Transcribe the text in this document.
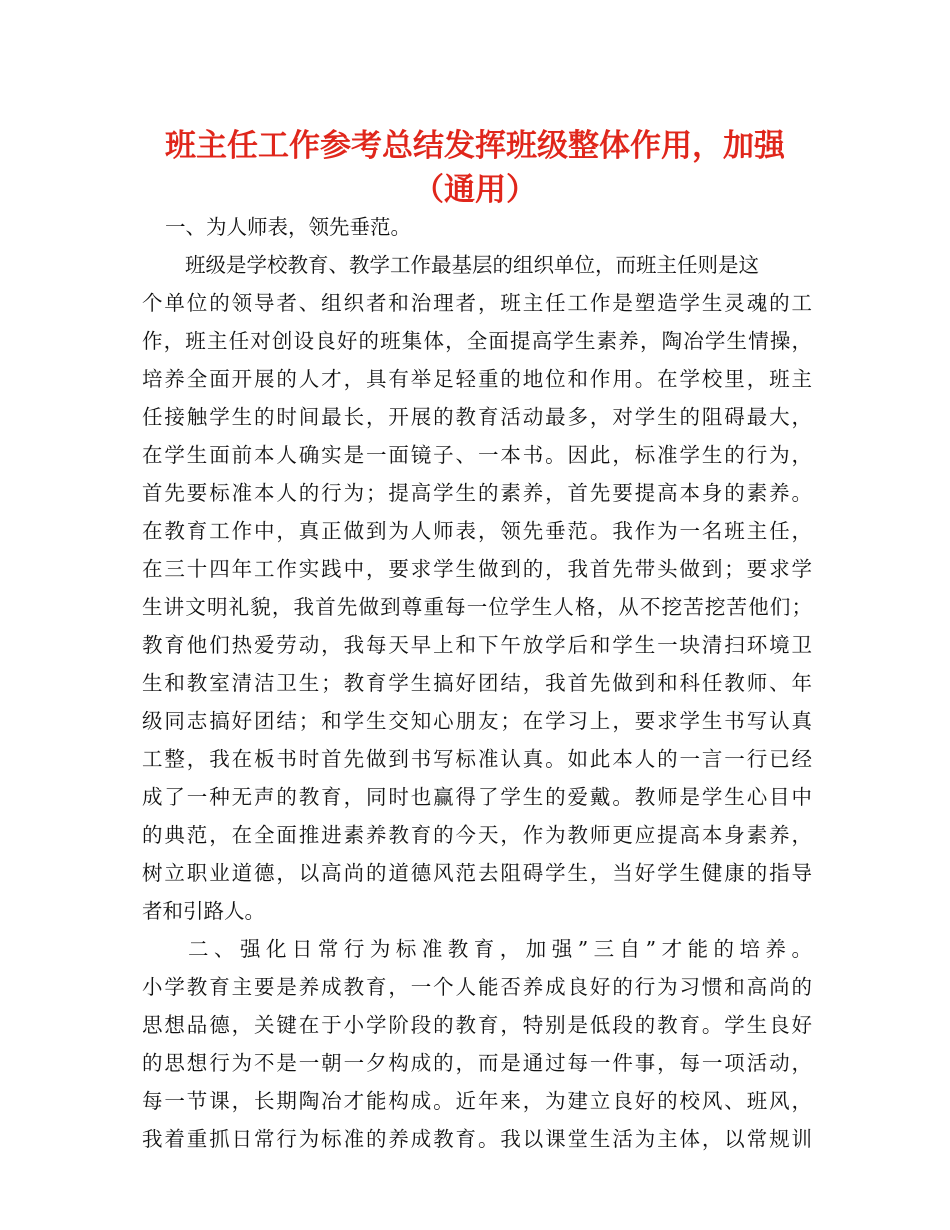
班主任工作参考总结发挥班级整体作用，加强
（通用）

一、为人师表，领先垂范。

班级是学校教育、教学工作最基层的组织单位，而班主任则是这

个单位的领导者、组织者和治理者，班主任工作是塑造学生灵魂的工

作，班主任对创设良好的班集体，全面提高学生素养，陶冶学生情操，

培养全面开展的人才，具有举足轻重的地位和作用。在学校里，班主

任接触学生的时间最长，开展的教育活动最多，对学生的阻碍最大，

在学生面前本人确实是一面镜子、一本书。因此，标准学生的行为，

首先要标准本人的行为；提高学生的素养，首先要提高本身的素养。

在教育工作中，真正做到为人师表，领先垂范。我作为一名班主任，

在三十四年工作实践中，要求学生做到的，我首先带头做到；要求学

生讲文明礼貌，我首先做到尊重每一位学生人格，从不挖苦挖苦他们；

教育他们热爱劳动，我每天早上和下午放学后和学生一块清扫环境卫

生和教室清洁卫生；教育学生搞好团结，我首先做到和科任教师、年

级同志搞好团结；和学生交知心朋友；在学习上，要求学生书写认真

工整，我在板书时首先做到书写标准认真。如此本人的一言一行已经

成了一种无声的教育，同时也赢得了学生的爱戴。教师是学生心目中

的典范，在全面推进素养教育的今天，作为教师更应提高本身素养，

树立职业道德，以高尚的道德风范去阻碍学生，当好学生健康的指导

者和引路人。

二、强化日常行为标准教育，加强”三自”才能的培养。

小学教育主要是养成教育，一个人能否养成良好的行为习惯和高尚的

思想品德，关键在于小学阶段的教育，特别是低段的教育。学生良好

的思想行为不是一朝一夕构成的，而是通过每一件事，每一项活动，

每一节课，长期陶冶才能构成。近年来，为建立良好的校风、班风，

我着重抓日常行为标准的养成教育。我以课堂生活为主体，以常规训
